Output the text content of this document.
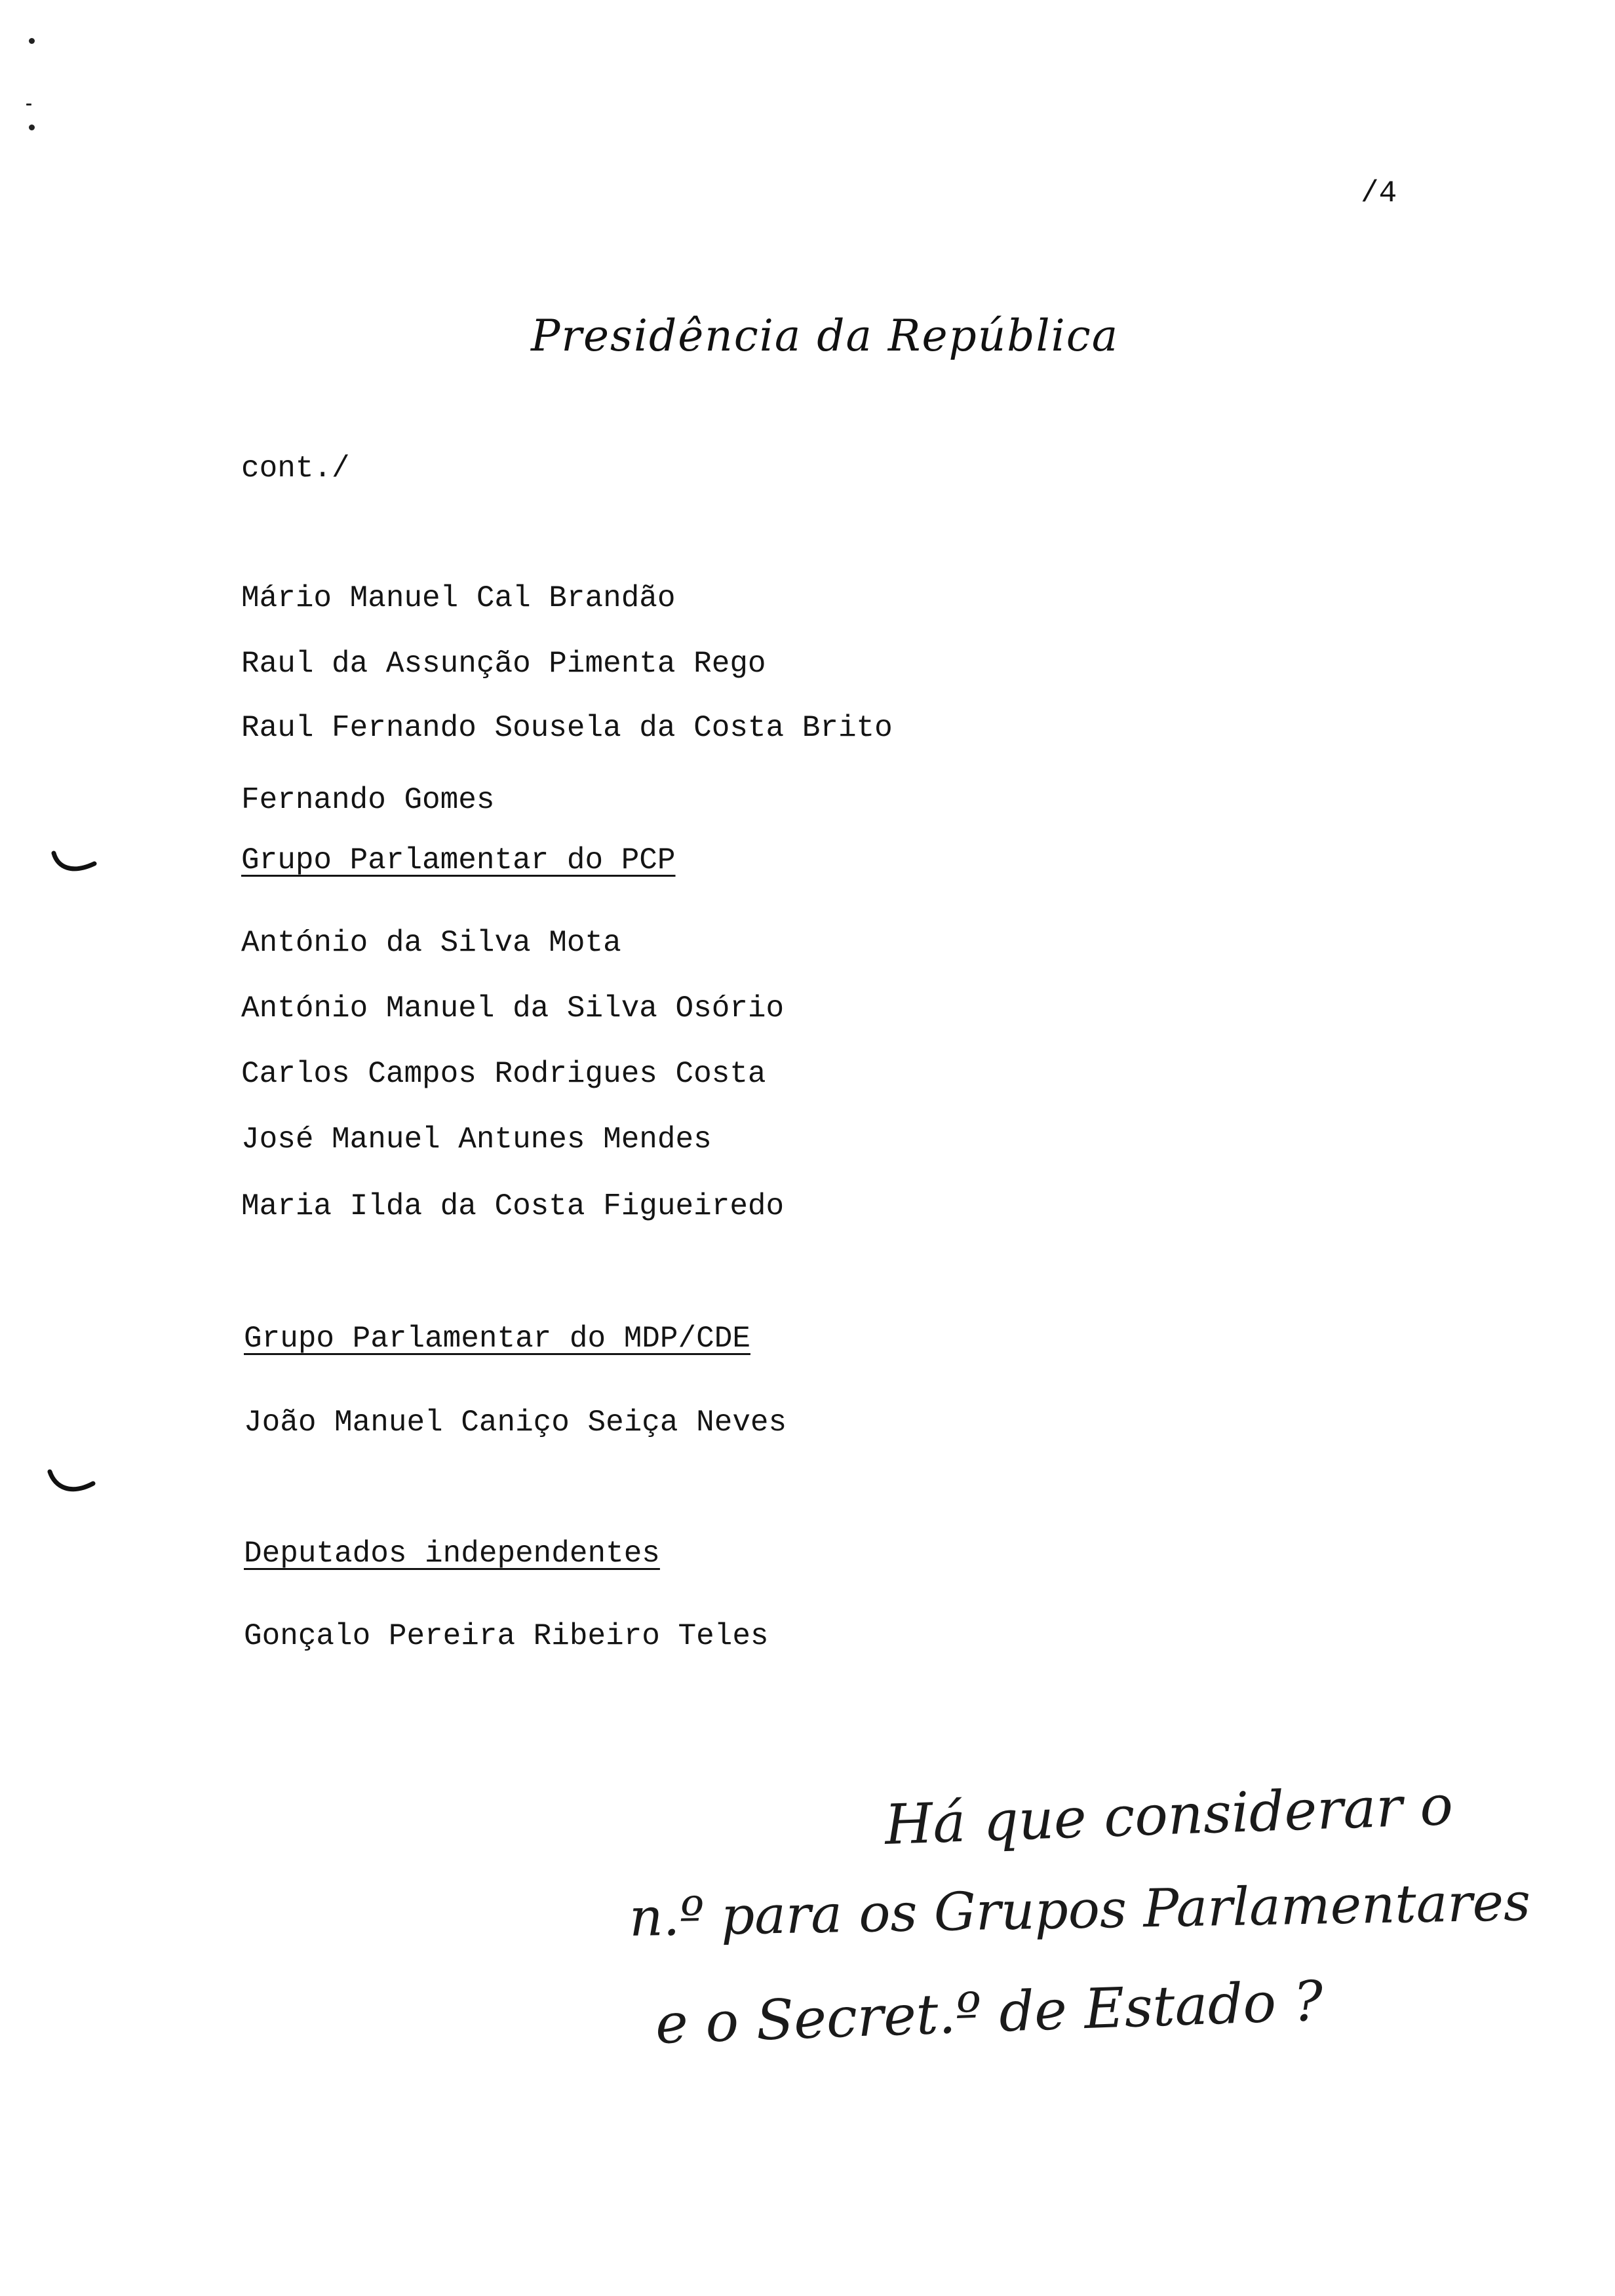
/4
Presidência da República
cont./
Mário Manuel Cal Brandão
Raul da Assunção Pimenta Rego
Raul Fernando Sousela da Costa Brito
Fernando Gomes
Grupo Parlamentar do PCP
António da Silva Mota
António Manuel da Silva Osório
Carlos Campos Rodrigues Costa
José Manuel Antunes Mendes
Maria Ilda da Costa Figueiredo
Grupo Parlamentar do MDP/CDE
João Manuel Caniço Seiça Neves
Deputados independentes
Gonçalo Pereira Ribeiro Teles
Há que considerar o
n.º para os Grupos Parlamentares
e o Secret.º de Estado ?
